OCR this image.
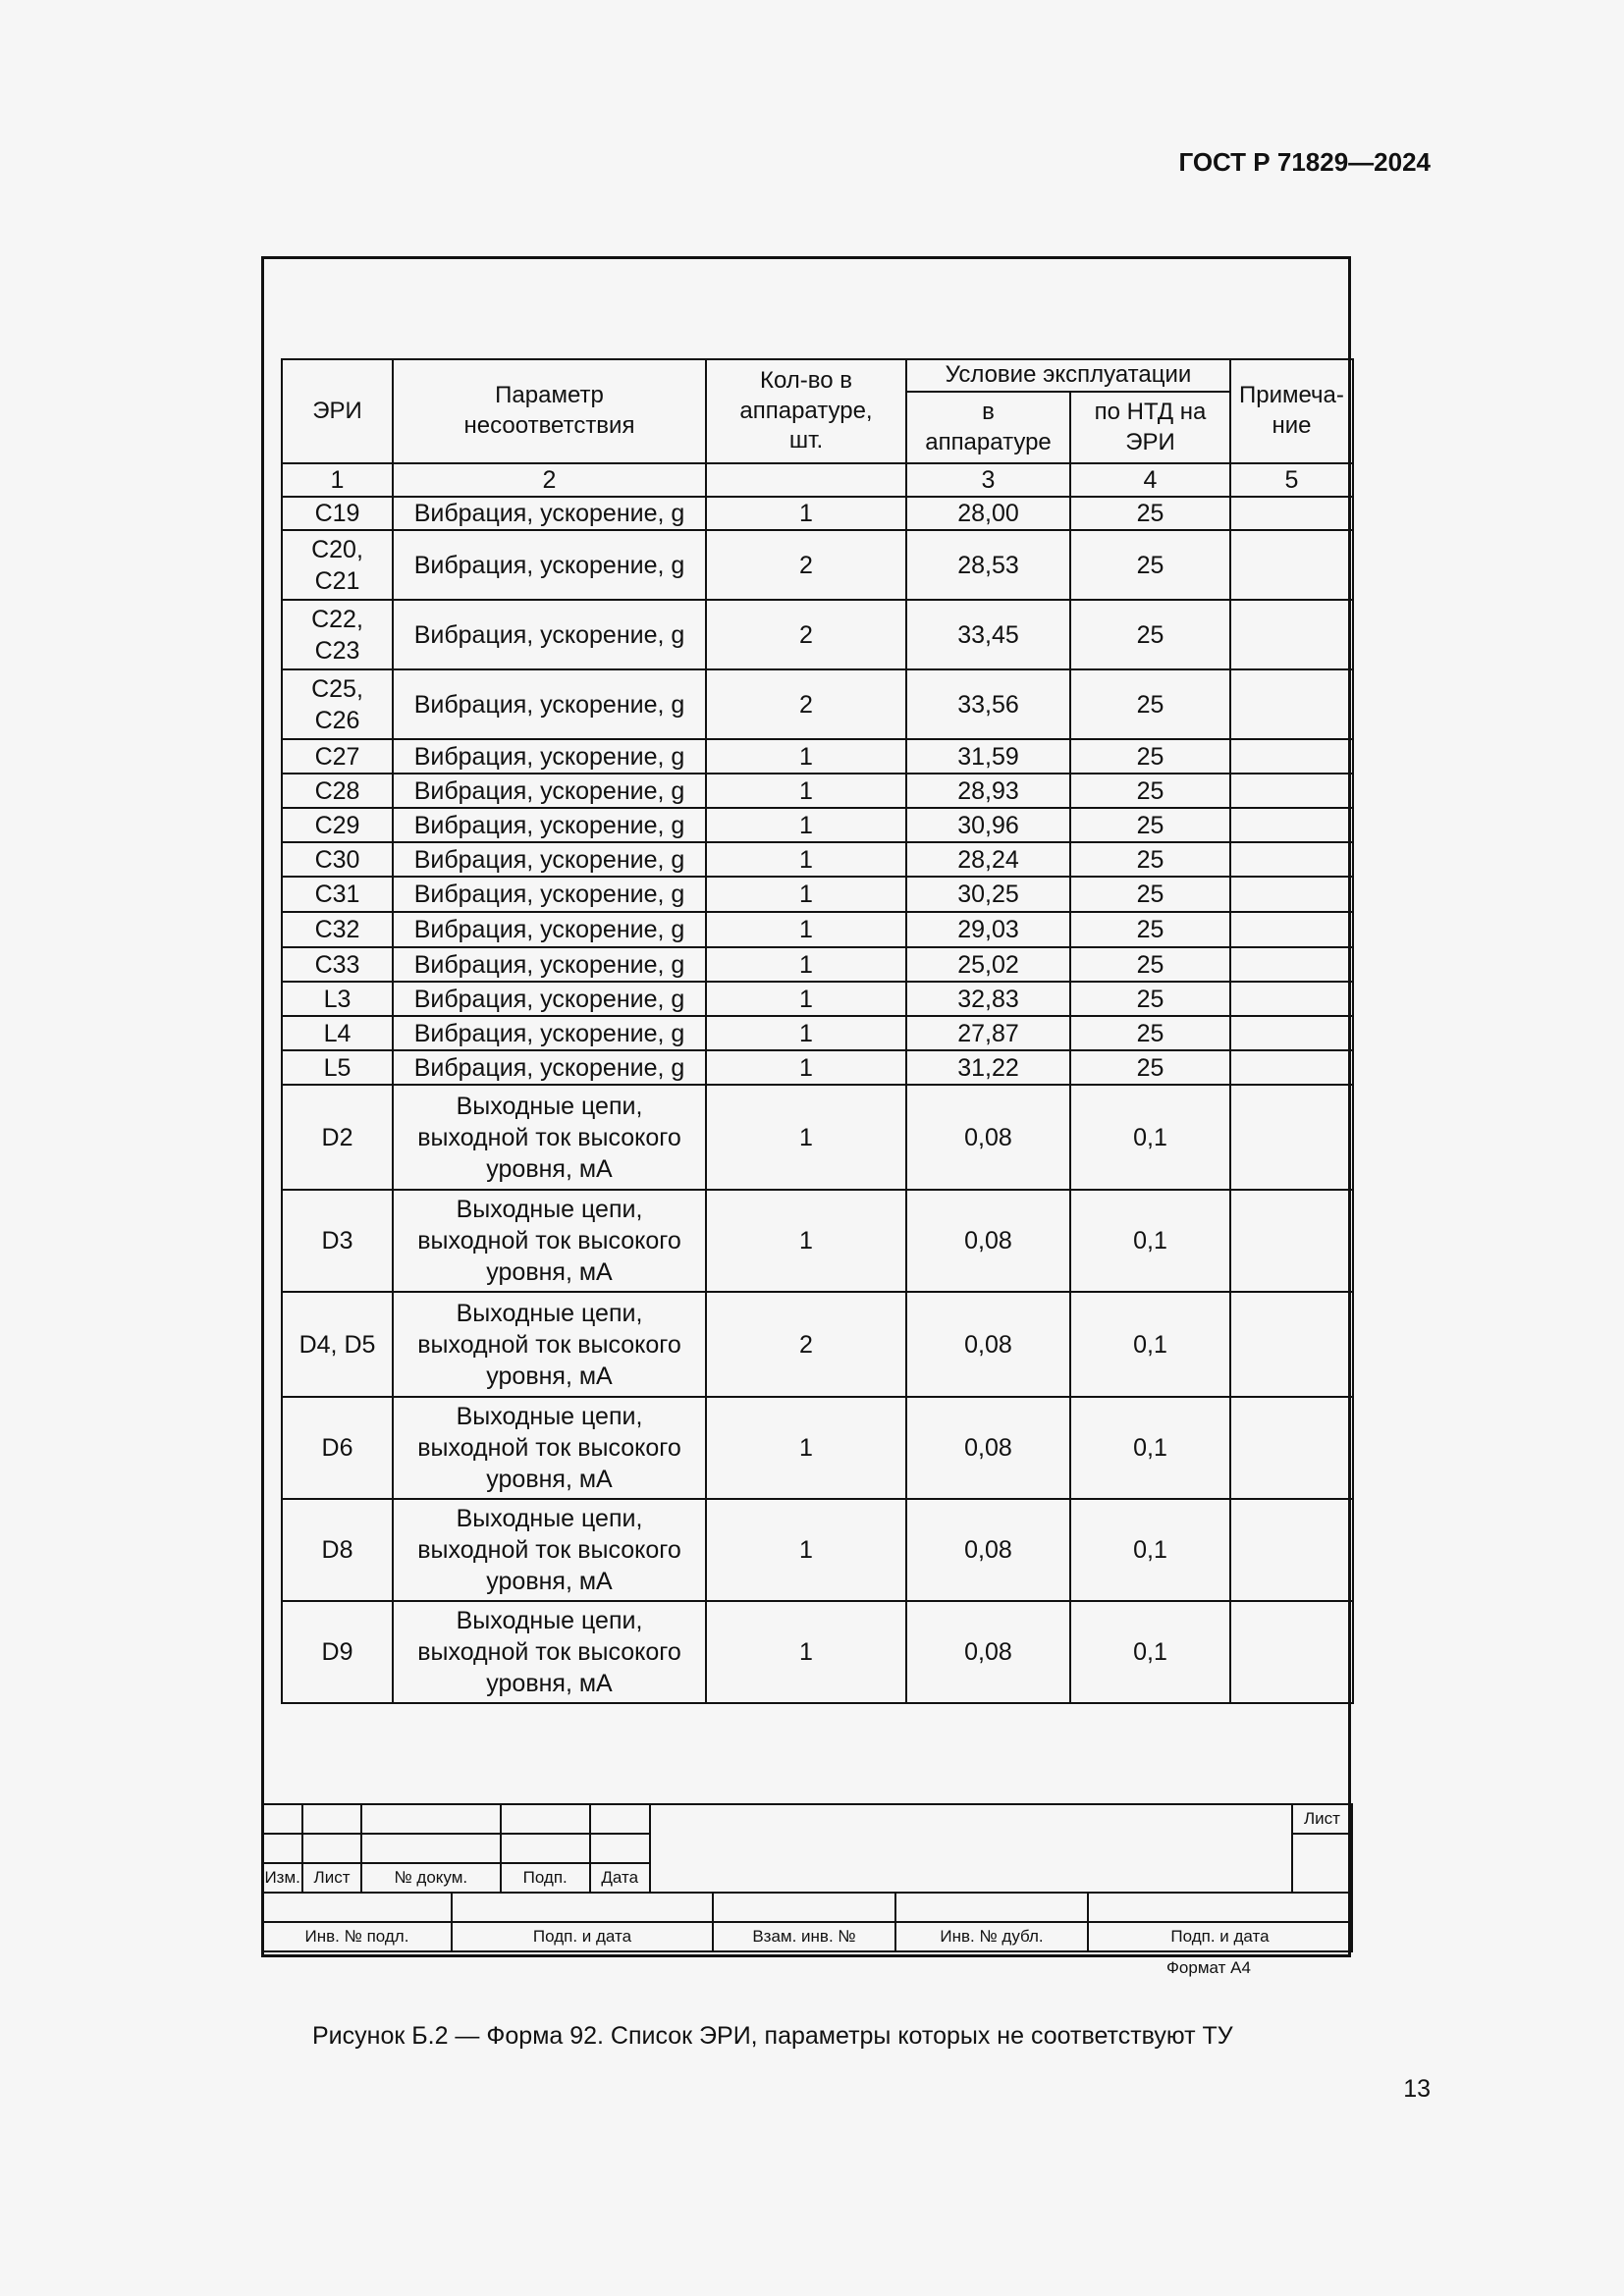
ГОСТ Р 71829—2024
ЭРИ	Параметр несоответствия	Кол-во в аппаратуре, шт.	Условие эксплуатации		Примеча-ние
			в аппаратуре	по НТД на ЭРИ	
1	2		3	4	5
С19	Вибрация, ускорение, g	1	28,00	25	
С20, С21	Вибрация, ускорение, g	2	28,53	25	
С22, С23	Вибрация, ускорение, g	2	33,45	25	
С25, С26	Вибрация, ускорение, g	2	33,56	25	
С27	Вибрация, ускорение, g	1	31,59	25	
С28	Вибрация, ускорение, g	1	28,93	25	
С29	Вибрация, ускорение, g	1	30,96	25	
С30	Вибрация, ускорение, g	1	28,24	25	
С31	Вибрация, ускорение, g	1	30,25	25	
С32	Вибрация, ускорение, g	1	29,03	25	
С33	Вибрация, ускорение, g	1	25,02	25	
L3	Вибрация, ускорение, g	1	32,83	25	
L4	Вибрация, ускорение, g	1	27,87	25	
L5	Вибрация, ускорение, g	1	31,22	25	
D2	Выходные цепи, выходной ток высокого уровня, мА	1	0,08	0,1	
D3	Выходные цепи, выходной ток высокого уровня, мА	1	0,08	0,1	
D4, D5	Выходные цепи, выходной ток высокого уровня, мА	2	0,08	0,1	
D6	Выходные цепи, выходной ток высокого уровня, мА	1	0,08	0,1	
D8	Выходные цепи, выходной ток высокого уровня, мА	1	0,08	0,1	
D9	Выходные цепи, выходной ток высокого уровня, мА	1	0,08	0,1	

Изм.	Лист	№ докум.	Подп.	Дата
	Лист

Инв. № подл.	Подп. и дата	Взам. инв. №	Инв. № дубл.	Подп. и дата
Формат А4
Рисунок Б.2 — Форма 92. Список ЭРИ, параметры которых не соответствуют ТУ
13
